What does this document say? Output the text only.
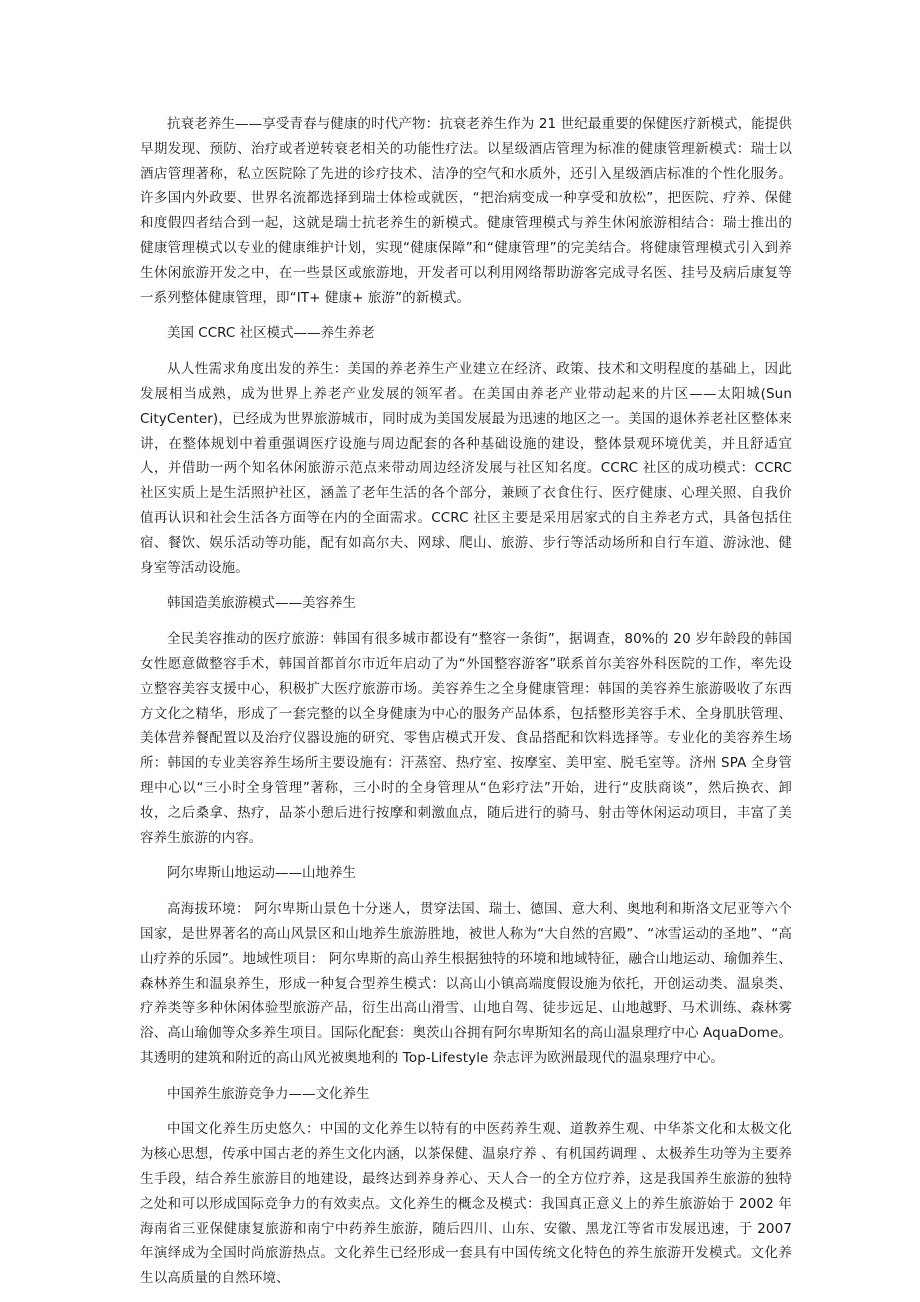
抗衰老养生——享受青春与健康的时代产物：抗衰老养生作为 21 世纪最重要的保健医疗新模式，能提供早期发现、预防、治疗或者逆转衰老相关的功能性疗法。以星级酒店管理为标准的健康管理新模式：瑞士以酒店管理著称，私立医院除了先进的诊疗技术、洁净的空气和水质外，还引入星级酒店标准的个性化服务。许多国内外政要、世界名流都选择到瑞士体检或就医，“把治病变成一种享受和放松”，把医院、疗养、保健和度假四者结合到一起，这就是瑞士抗老养生的新模式。健康管理模式与养生休闲旅游相结合：瑞士推出的健康管理模式以专业的健康维护计划，实现“健康保障”和“健康管理”的完美结合。将健康管理模式引入到养生休闲旅游开发之中，在一些景区或旅游地，开发者可以利用网络帮助游客完成寻名医、挂号及病后康复等一系列整体健康管理，即“IT+ 健康+ 旅游”的新模式。

美国 CCRC 社区模式——养生养老

从人性需求角度出发的养生：美国的养老养生产业建立在经济、政策、技术和文明程度的基础上，因此发展相当成熟，成为世界上养老产业发展的领军者。在美国由养老产业带动起来的片区——太阳城(Sun CityCenter)，已经成为世界旅游城市，同时成为美国发展最为迅速的地区之一。美国的退休养老社区整体来讲，在整体规划中着重强调医疗设施与周边配套的各种基础设施的建设，整体景观环境优美，并且舒适宜人，并借助一两个知名休闲旅游示范点来带动周边经济发展与社区知名度。CCRC 社区的成功模式：CCRC 社区实质上是生活照护社区，涵盖了老年生活的各个部分，兼顾了衣食住行、医疗健康、心理关照、自我价值再认识和社会生活各方面等在内的全面需求。CCRC 社区主要是采用居家式的自主养老方式，具备包括住宿、餐饮、娱乐活动等功能，配有如高尔夫、网球、爬山、旅游、步行等活动场所和自行车道、游泳池、健身室等活动设施。

韩国造美旅游模式——美容养生

全民美容推动的医疗旅游：韩国有很多城市都设有“整容一条街”，据调查，80%的 20 岁年龄段的韩国女性愿意做整容手术，韩国首都首尔市近年启动了为“外国整容游客”联系首尔美容外科医院的工作，率先设立整容美容支援中心，积极扩大医疗旅游市场。美容养生之全身健康管理：韩国的美容养生旅游吸收了东西方文化之精华，形成了一套完整的以全身健康为中心的服务产品体系，包括整形美容手术、全身肌肤管理、美体营养餐配置以及治疗仪器设施的研究、零售店模式开发、食品搭配和饮料选择等。专业化的美容养生场所：韩国的专业美容养生场所主要设施有：汗蒸窑、热疗室、按摩室、美甲室、脱毛室等。济州 SPA 全身管理中心以“三小时全身管理”著称，三小时的全身管理从“色彩疗法”开始，进行“皮肤商谈”，然后换衣、卸妆，之后桑拿、热疗，品茶小憩后进行按摩和刺激血点，随后进行的骑马、射击等休闲运动项目，丰富了美容养生旅游的内容。

阿尔卑斯山地运动——山地养生

高海拔环境： 阿尔卑斯山景色十分迷人，贯穿法国、瑞士、德国、意大利、奥地利和斯洛文尼亚等六个国家，是世界著名的高山风景区和山地养生旅游胜地，被世人称为“大自然的宫殿”、“冰雪运动的圣地”、“高山疗养的乐园”。地域性项目： 阿尔卑斯的高山养生根据独特的环境和地域特征，融合山地运动、瑜伽养生、森林养生和温泉养生，形成一种复合型养生模式：以高山小镇高端度假设施为依托，开创运动类、温泉类、疗养类等多种休闲体验型旅游产品，衍生出高山滑雪、山地自驾、徒步远足、山地越野、马术训练、森林雾浴、高山瑜伽等众多养生项目。国际化配套：奥茨山谷拥有阿尔卑斯知名的高山温泉理疗中心 AquaDome。其透明的建筑和附近的高山风光被奥地利的 Top-Lifestyle 杂志评为欧洲最现代的温泉理疗中心。

中国养生旅游竞争力——文化养生

中国文化养生历史悠久：中国的文化养生以特有的中医药养生观、道教养生观、中华茶文化和太极文化为核心思想，传承中国古老的养生文化内涵，以茶保健、温泉疗养 、有机国药调理 、太极养生功等为主要养生手段，结合养生旅游目的地建设，最终达到养身养心、天人合一的全方位疗养，这是我国养生旅游的独特之处和可以形成国际竞争力的有效卖点。文化养生的概念及模式：我国真正意义上的养生旅游始于 2002 年海南省三亚保健康复旅游和南宁中药养生旅游，随后四川、山东、安徽、黑龙江等省市发展迅速，于 2007 年演绎成为全国时尚旅游热点。文化养生已经形成一套具有中国传统文化特色的养生旅游开发模式。文化养生以高质量的自然环境、
